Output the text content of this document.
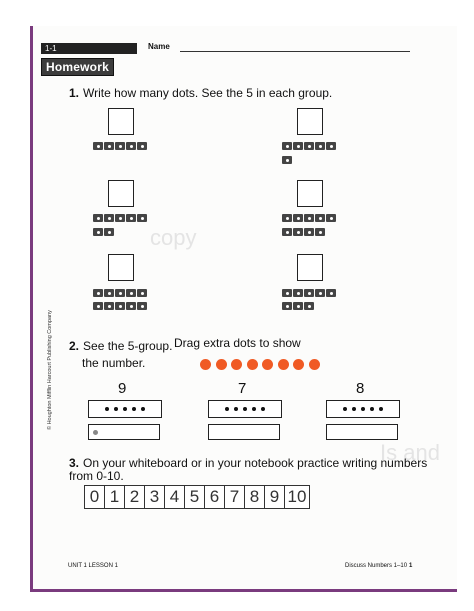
copy
Is and
1-1	Name
Homework
1. Write how many dots. See the 5 in each group.
2. See the 5-group.
the number.
Drag extra dots to show
9	7	8
3. On your whiteboard or in your notebook practice writing numbers from 0-10.
0 1 2 3 4 5 6 7 8 9 10
© Houghton Mifflin Harcourt Publishing Company
UNIT 1 LESSON 1	Discuss Numbers 1–10 1
